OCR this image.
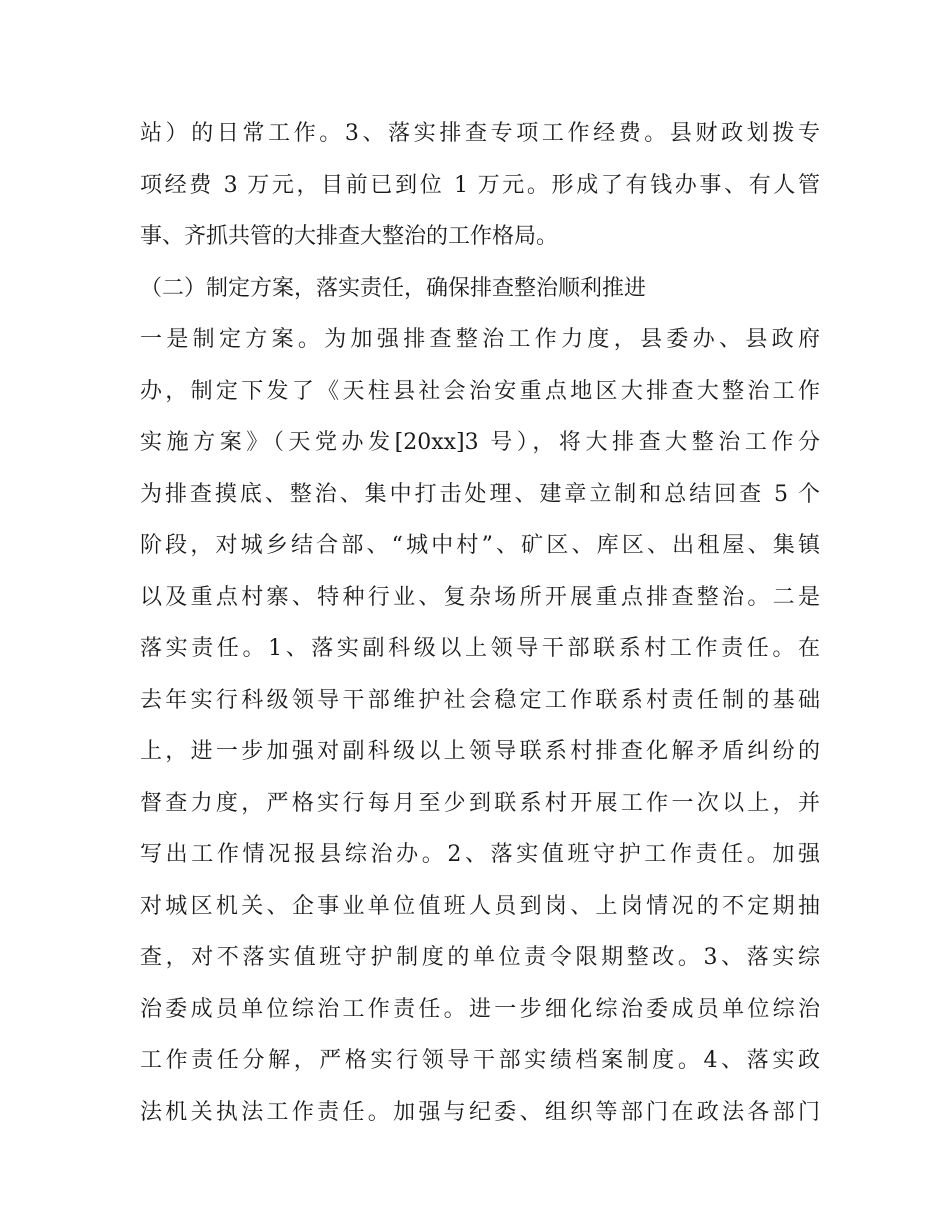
站）的日常工作。3、落实排查专项工作经费。县财政划拨专
项经费 3 万元，目前已到位 1 万元。形成了有钱办事、有人管
事、齐抓共管的大排查大整治的工作格局。
（二）制定方案，落实责任，确保排查整治顺利推进
一是制定方案。为加强排查整治工作力度，县委办、县政府
办，制定下发了《天柱县社会治安重点地区大排查大整治工作
实施方案》（天党办发[20xx]3 号），将大排查大整治工作分
为排查摸底、整治、集中打击处理、建章立制和总结回查 5 个
阶段，对城乡结合部、“城中村”、矿区、库区、出租屋、集镇
以及重点村寨、特种行业、复杂场所开展重点排查整治。二是
落实责任。1、落实副科级以上领导干部联系村工作责任。在
去年实行科级领导干部维护社会稳定工作联系村责任制的基础
上，进一步加强对副科级以上领导联系村排查化解矛盾纠纷的
督查力度，严格实行每月至少到联系村开展工作一次以上，并
写出工作情况报县综治办。2、落实值班守护工作责任。加强
对城区机关、企事业单位值班人员到岗、上岗情况的不定期抽
查，对不落实值班守护制度的单位责令限期整改。3、落实综
治委成员单位综治工作责任。进一步细化综治委成员单位综治
工作责任分解，严格实行领导干部实绩档案制度。4、落实政
法机关执法工作责任。加强与纪委、组织等部门在政法各部门
